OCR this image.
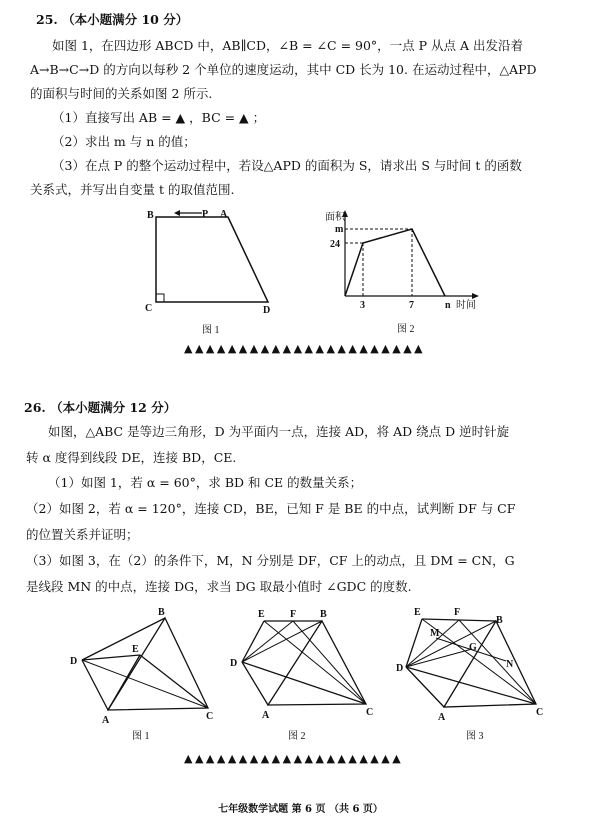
25. （本小题满分 10 分）
如图 1，在四边形 ABCD 中，AB∥CD，∠B = ∠C = 90°，一点 P 从点 A 出发沿着
A→B→C→D 的方向以每秒 2 个单位的速度运动，其中 CD 长为 10. 在运动过程中，△APD
的面积与时间的关系如图 2 所示.
（1）直接写出 AB = ▲ ，BC = ▲ ；
（2）求出 m 与 n 的值；
（3）在点 P 的整个运动过程中，若设△APD 的面积为 S，请求出 S 与时间 t 的函数
关系式，并写出自变量 t 的取值范围.
B	P A
C	D
图 1
面积
m
24
3	7	n 时间
图 2
▲▲▲▲▲▲▲▲▲▲▲▲▲▲▲▲▲▲▲▲▲▲
26. （本小题满分 12 分）
如图，△ABC 是等边三角形，D 为平面内一点，连接 AD，将 AD 绕点 D 逆时针旋
转 α 度得到线段 DE，连接 BD，CE.
（1）如图 1，若 α = 60°，求 BD 和 CE 的数量关系；
（2）如图 2，若 α = 120°，连接 CD，BE，已知 F 是 BE 的中点，试判断 DF 与 CF
的位置关系并证明；
（3）如图 3，在（2）的条件下，M，N 分别是 DF，CF 上的动点，且 DM = CN，G
是线段 MN 的中点，连接 DG，求当 DG 取最小值时 ∠GDC 的度数.
B
E
D
A	C
图 1
E	F B
D
A	C
图 2
E	F
B
M
G
N
D
A	C
图 3
▲▲▲▲▲▲▲▲▲▲▲▲▲▲▲▲▲▲▲▲
七年级数学试题 第 6 页 （共 6 页）
